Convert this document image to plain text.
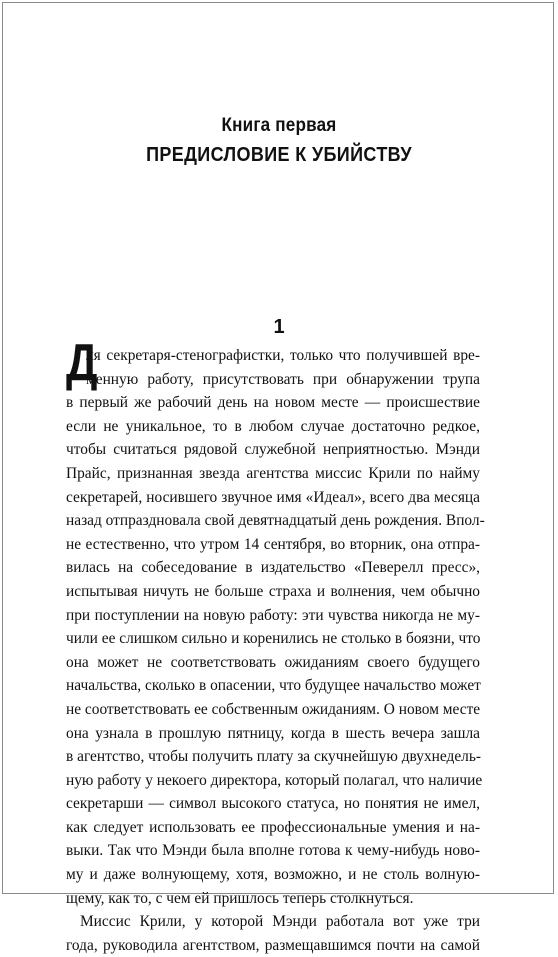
Книга первая
ПРЕДИСЛОВИЕ К УБИЙСТВУ
1
Д
ля секретаря-стенографистки, только что получившей вре-
менную работу, присутствовать при обнаружении трупа
в первый же рабочий день на новом месте — происшествие
если не уникальное, то в любом случае достаточно редкое,
чтобы считаться рядовой служебной неприятностью. Мэнди
Прайс, признанная звезда агентства миссис Крили по найму
секретарей, носившего звучное имя «Идеал», всего два месяца
назад отпраздновала свой девятнадцатый день рождения. Впол-
не естественно, что утром 14 сентября, во вторник, она отпра-
вилась на собеседование в издательство «Певерелл пресс»,
испытывая ничуть не больше страха и волнения, чем обычно
при поступлении на новую работу: эти чувства никогда не му-
чили ее слишком сильно и коренились не столько в боязни, что
она может не соответствовать ожиданиям своего будущего
начальства, сколько в опасении, что будущее начальство может
не соответствовать ее собственным ожиданиям. О новом месте
она узнала в прошлую пятницу, когда в шесть вечера зашла
в агентство, чтобы получить плату за скучнейшую двухнедель-
ную работу у некоего директора, который полагал, что наличие
секретарши — символ высокого статуса, но понятия не имел,
как следует использовать ее профессиональные умения и на-
выки. Так что Мэнди была вполне готова к чему-нибудь ново-
му и даже волнующему, хотя, возможно, и не столь волную-
щему, как то, с чем ей пришлось теперь столкнуться.
Миссис Крили, у которой Мэнди работала вот уже три
года, руководила агентством, размещавшимся почти на самой
